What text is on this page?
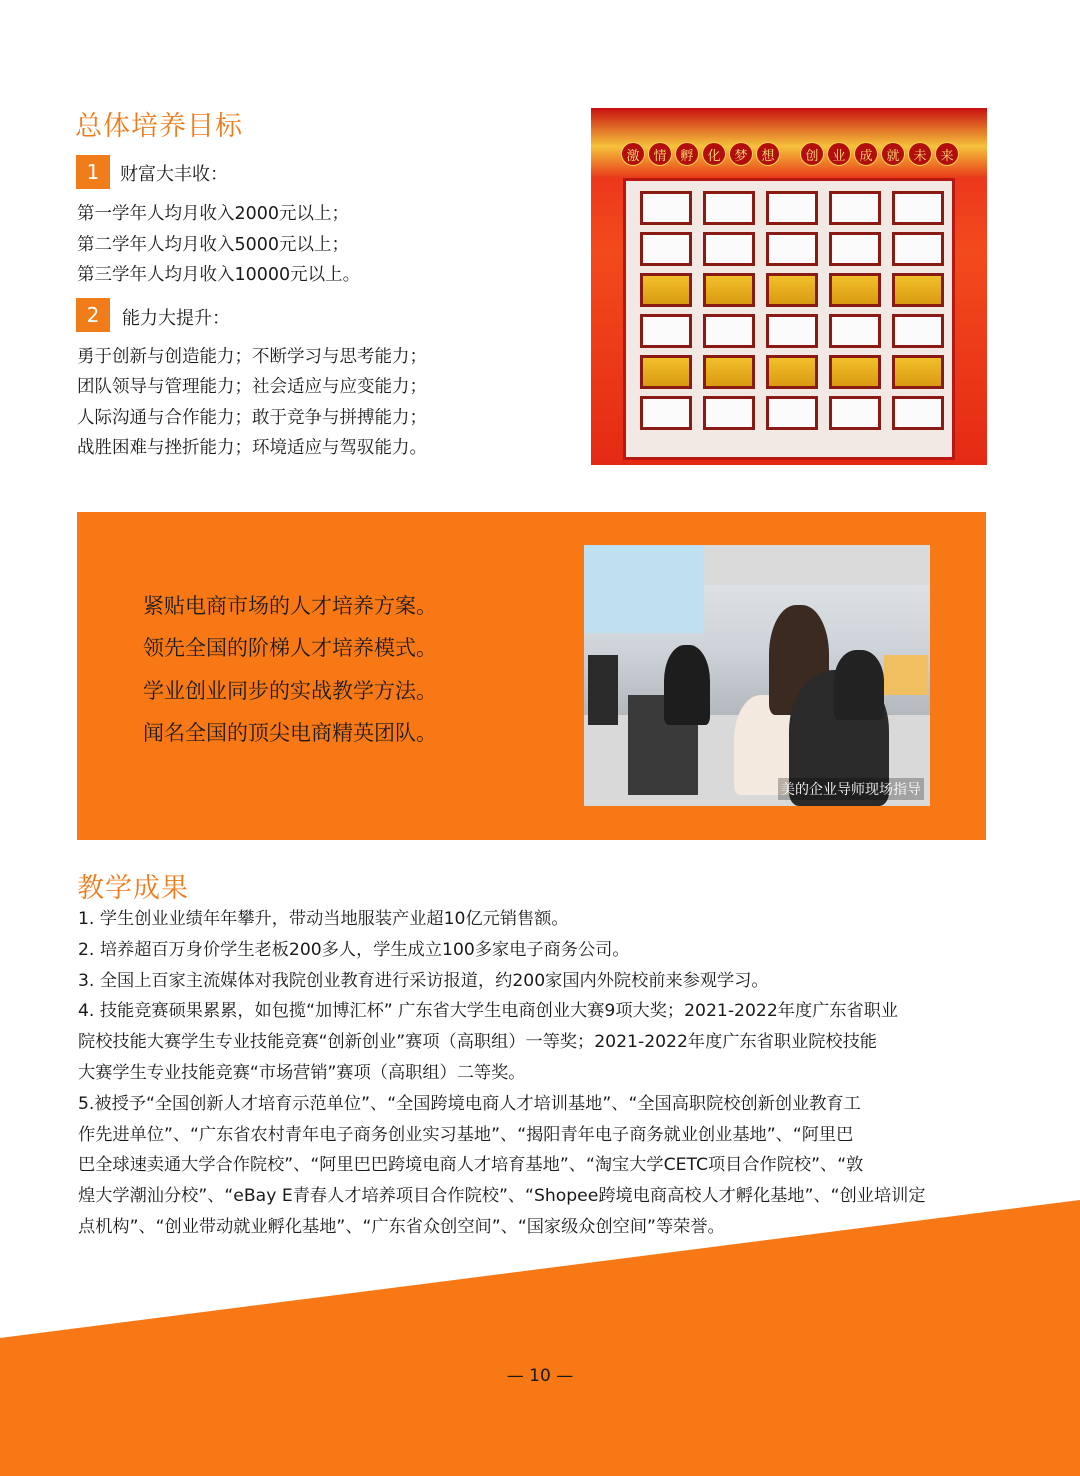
总体培养目标
1	财富大丰收：
第一学年人均月收入2000元以上；
第二学年人均月收入5000元以上；
第三学年人均月收入10000元以上。
2	能力大提升：
勇于创新与创造能力；不断学习与思考能力；
团队领导与管理能力；社会适应与应变能力；
人际沟通与合作能力；敢于竞争与拼搏能力；
战胜困难与挫折能力；环境适应与驾驭能力。
激	情	孵	化	梦	想	创	业	成	就	未	来
紧贴电商市场的人才培养方案。
领先全国的阶梯人才培养模式。
学业创业同步的实战教学方法。
闻名全国的顶尖电商精英团队。
美的企业导师现场指导
教学成果
1. 学生创业业绩年年攀升，带动当地服装产业超10亿元销售额。
2. 培养超百万身价学生老板200多人，学生成立100多家电子商务公司。
3. 全国上百家主流媒体对我院创业教育进行采访报道，约200家国内外院校前来参观学习。
4. 技能竞赛硕果累累，如包揽“加博汇杯” 广东省大学生电商创业大赛9项大奖；2021-2022年度广东省职业
院校技能大赛学生专业技能竞赛“创新创业”赛项（高职组）一等奖；2021-2022年度广东省职业院校技能
大赛学生专业技能竞赛“市场营销”赛项（高职组）二等奖。
5.被授予“全国创新人才培育示范单位”、“全国跨境电商人才培训基地”、“全国高职院校创新创业教育工
作先进单位”、“广东省农村青年电子商务创业实习基地”、“揭阳青年电子商务就业创业基地”、“阿里巴
巴全球速卖通大学合作院校”、“阿里巴巴跨境电商人才培育基地”、“淘宝大学CETC项目合作院校”、“敦
煌大学潮汕分校”、“eBay E青春人才培养项目合作院校”、“Shopee跨境电商高校人才孵化基地”、“创业培训定
点机构”、“创业带动就业孵化基地”、“广东省众创空间”、“国家级众创空间”等荣誉。
— 10 —
